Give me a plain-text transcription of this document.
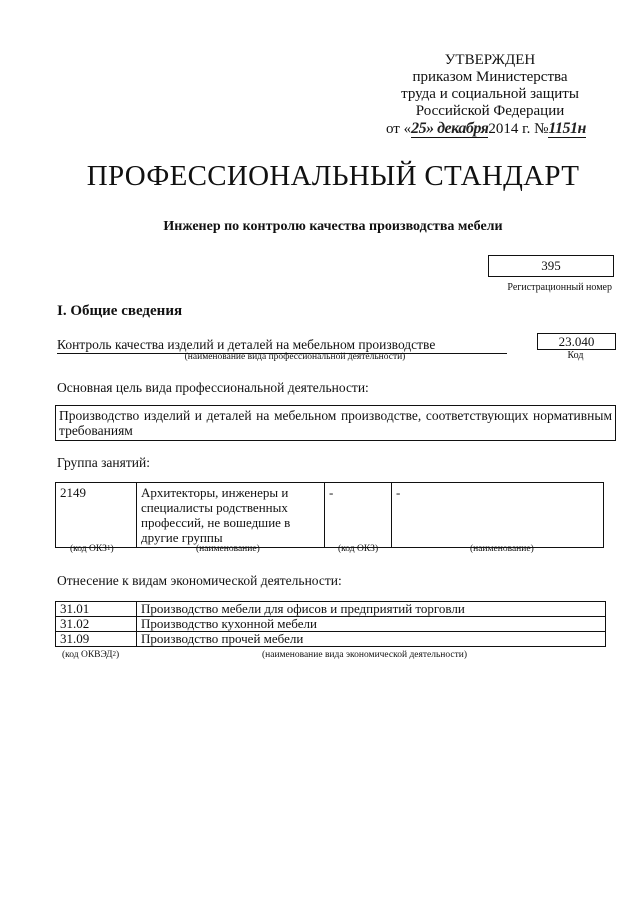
УТВЕРЖДЕН
приказом Министерства
труда и социальной защиты
Российской Федерации
от «25» декабря2014 г. №1151н
ПРОФЕССИОНАЛЬНЫЙ СТАНДАРТ
Инженер по контролю качества производства мебели
395
Регистрационный номер
I. Общие сведения
Контроль качества изделий и деталей на мебельном производстве
(наименование вида профессиональной деятельности)
23.040
Код
Основная цель вида профессиональной деятельности:
Производство изделий и деталей на мебельном производстве, соответствующих нормативным требованиям
Группа занятий:
2149	Архитекторы, инженеры и специалисты родственных профессий, не вошедшие в другие группы	-	-
(код ОКЗ$^1$)	(наименование)	(код ОКЗ)	(наименование)
Отнесение к видам экономической деятельности:
31.01	Производство мебели для офисов и предприятий торговли
31.02	Производство кухонной мебели
31.09	Производство прочей мебели
(код ОКВЭД$^2$)	(наименование вида экономической деятельности)
